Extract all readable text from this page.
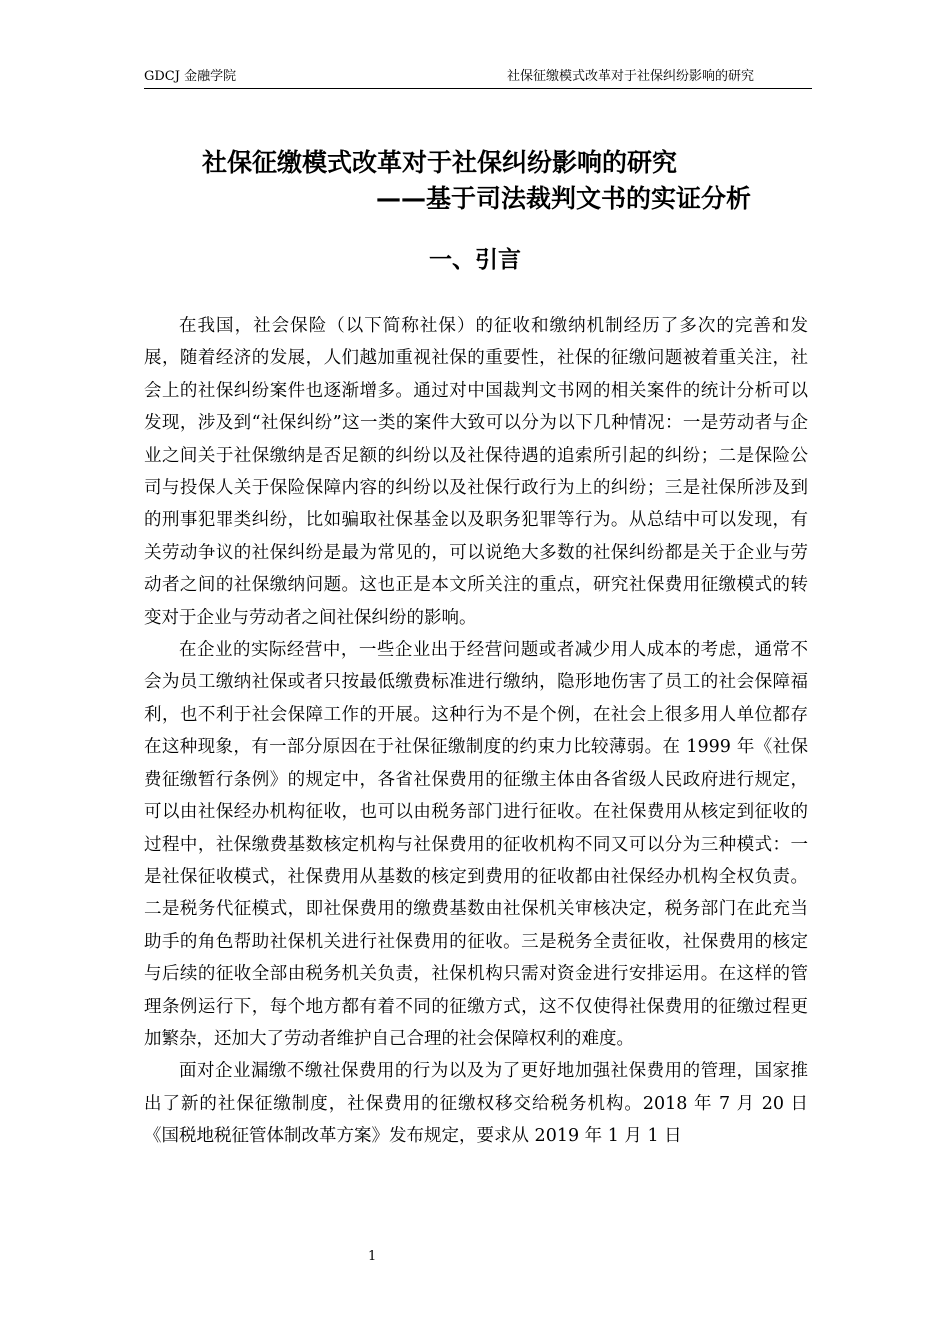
GDCJ 金融学院	社保征缴模式改革对于社保纠纷影响的研究
社保征缴模式改革对于社保纠纷影响的研究
——基于司法裁判文书的实证分析
一、引言

在我国，社会保险（以下简称社保）的征收和缴纳机制经历了多次的完善和发展，随着经济的发展，人们越加重视社保的重要性，社保的征缴问题被着重关注，社会上的社保纠纷案件也逐渐增多。通过对中国裁判文书网的相关案件的统计分析可以发现，涉及到“社保纠纷”这一类的案件大致可以分为以下几种情况：一是劳动者与企业之间关于社保缴纳是否足额的纠纷以及社保待遇的追索所引起的纠纷；二是保险公司与投保人关于保险保障内容的纠纷以及社保行政行为上的纠纷；三是社保所涉及到的刑事犯罪类纠纷，比如骗取社保基金以及职务犯罪等行为。从总结中可以发现，有关劳动争议的社保纠纷是最为常见的，可以说绝大多数的社保纠纷都是关于企业与劳动者之间的社保缴纳问题。这也正是本文所关注的重点，研究社保费用征缴模式的转变对于企业与劳动者之间社保纠纷的影响。

在企业的实际经营中，一些企业出于经营问题或者减少用人成本的考虑，通常不会为员工缴纳社保或者只按最低缴费标准进行缴纳，隐形地伤害了员工的社会保障福利，也不利于社会保障工作的开展。这种行为不是个例，在社会上很多用人单位都存在这种现象，有一部分原因在于社保征缴制度的约束力比较薄弱。在 1999 年《社保费征缴暂行条例》的规定中，各省社保费用的征缴主体由各省级人民政府进行规定，可以由社保经办机构征收，也可以由税务部门进行征收。在社保费用从核定到征收的过程中，社保缴费基数核定机构与社保费用的征收机构不同又可以分为三种模式：一是社保征收模式，社保费用从基数的核定到费用的征收都由社保经办机构全权负责。二是税务代征模式，即社保费用的缴费基数由社保机关审核决定，税务部门在此充当助手的角色帮助社保机关进行社保费用的征收。三是税务全责征收，社保费用的核定与后续的征收全部由税务机关负责，社保机构只需对资金进行安排运用。在这样的管理条例运行下，每个地方都有着不同的征缴方式，这不仅使得社保费用的征缴过程更加繁杂，还加大了劳动者维护自己合理的社会保障权利的难度。

面对企业漏缴不缴社保费用的行为以及为了更好地加强社保费用的管理，国家推出了新的社保征缴制度，社保费用的征缴权移交给税务机构。2018 年 7 月 20 日《国税地税征管体制改革方案》发布规定，要求从 2019 年 1 月 1 日

1
